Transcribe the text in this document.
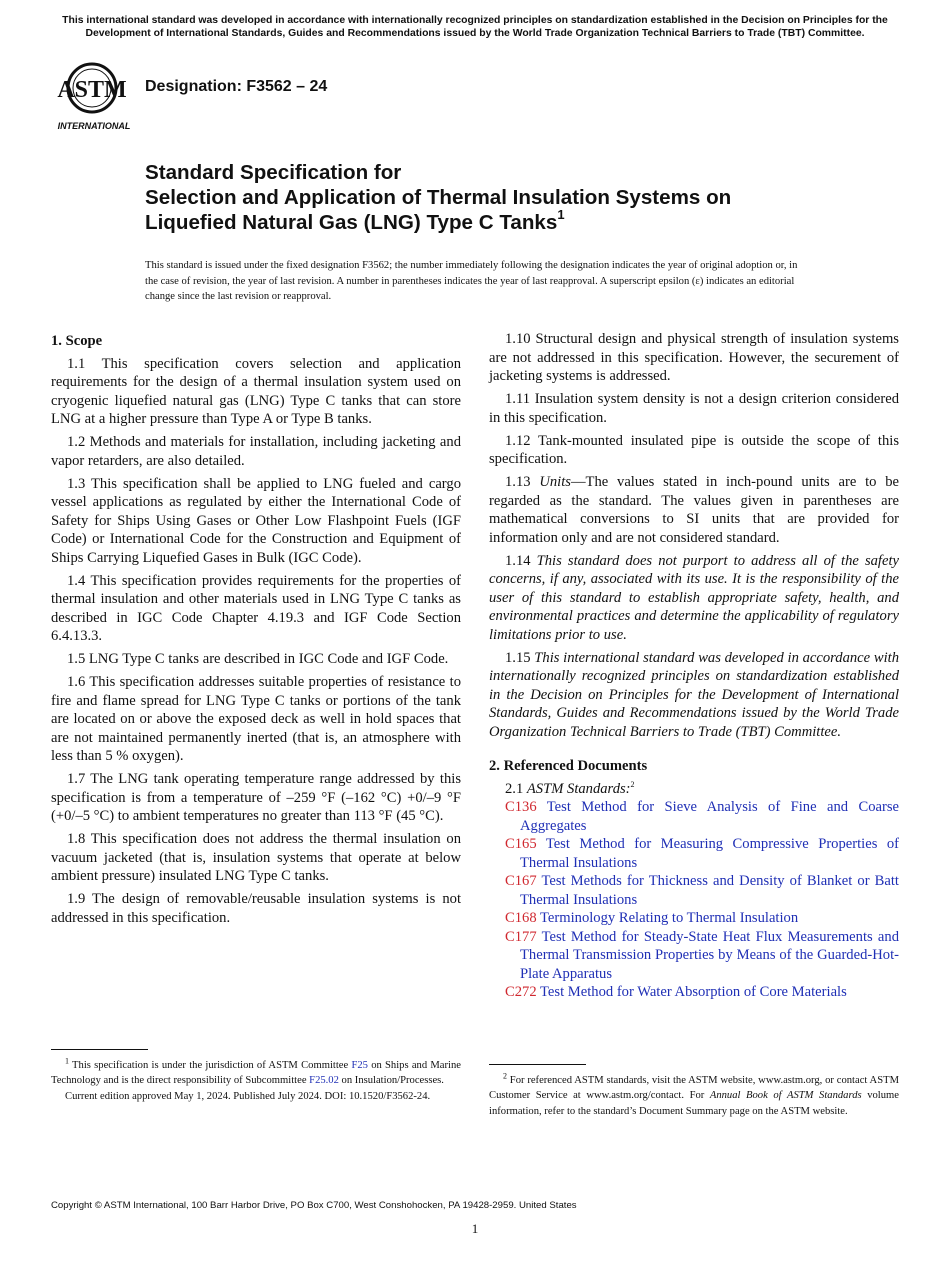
This international standard was developed in accordance with internationally recognized principles on standardization established in the Decision on Principles for the Development of International Standards, Guides and Recommendations issued by the World Trade Organization Technical Barriers to Trade (TBT) Committee.
ASTM
INTERNATIONAL
Designation: F3562 – 24
Standard Specification for
Selection and Application of Thermal Insulation Systems on
Liquefied Natural Gas (LNG) Type C Tanks$^1$

This standard is issued under the fixed designation F3562; the number immediately following the designation indicates the year of original adoption or, in the case of revision, the year of last revision. A number in parentheses indicates the year of last reapproval. A superscript epsilon (ε) indicates an editorial change since the last revision or reapproval.

1. Scope

1.1 This specification covers selection and application requirements for the design of a thermal insulation system used on cryogenic liquefied natural gas (LNG) Type C tanks that can store LNG at a higher pressure than Type A or Type B tanks.

1.2 Methods and materials for installation, including jacketing and vapor retarders, are also detailed.

1.3 This specification shall be applied to LNG fueled and cargo vessel applications as regulated by either the International Code of Safety for Ships Using Gases or Other Low Flashpoint Fuels (IGF Code) or International Code for the Construction and Equipment of Ships Carrying Liquefied Gases in Bulk (IGC Code).

1.4 This specification provides requirements for the properties of thermal insulation and other materials used in LNG Type C tanks as described in IGC Code Chapter 4.19.3 and IGF Code Section 6.4.13.3.

1.5 LNG Type C tanks are described in IGC Code and IGF Code.

1.6 This specification addresses suitable properties of resistance to fire and flame spread for LNG Type C tanks or portions of the tank are located on or above the exposed deck as well in hold spaces that are not maintained permanently inerted (that is, an atmosphere with less than 5 % oxygen).

1.7 The LNG tank operating temperature range addressed by this specification is from a temperature of –259 °F (–162 °C) +0/–9 °F (+0/–5 °C) to ambient temperatures no greater than 113 °F (45 °C).

1.8 This specification does not address the thermal insulation on vacuum jacketed (that is, insulation systems that operate at below ambient pressure) insulated LNG Type C tanks.

1.9 The design of removable/reusable insulation systems is not addressed in this specification.

1.10 Structural design and physical strength of insulation systems are not addressed in this specification. However, the securement of jacketing systems is addressed.

1.11 Insulation system density is not a design criterion considered in this specification.

1.12 Tank-mounted insulated pipe is outside the scope of this specification.

1.13 Units—The values stated in inch-pound units are to be regarded as the standard. The values given in parentheses are mathematical conversions to SI units that are provided for information only and are not considered standard.

1.14 This standard does not purport to address all of the safety concerns, if any, associated with its use. It is the responsibility of the user of this standard to establish appropriate safety, health, and environmental practices and determine the applicability of regulatory limitations prior to use.

1.15 This international standard was developed in accordance with internationally recognized principles on standardization established in the Decision on Principles for the Development of International Standards, Guides and Recommendations issued by the World Trade Organization Technical Barriers to Trade (TBT) Committee.

2. Referenced Documents

2.1 ASTM Standards:$^2$

C136 Test Method for Sieve Analysis of Fine and Coarse Aggregates
C165 Test Method for Measuring Compressive Properties of Thermal Insulations
C167 Test Methods for Thickness and Density of Blanket or Batt Thermal Insulations
C168 Terminology Relating to Thermal Insulation
C177 Test Method for Steady-State Heat Flux Measurements and Thermal Transmission Properties by Means of the Guarded-Hot-Plate Apparatus
C272 Test Method for Water Absorption of Core Materials

$^1$ This specification is under the jurisdiction of ASTM Committee F25 on Ships and Marine Technology and is the direct responsibility of Subcommittee F25.02 on Insulation/Processes.

Current edition approved May 1, 2024. Published July 2024. DOI: 10.1520/F3562-24.

$^2$ For referenced ASTM standards, visit the ASTM website, www.astm.org, or contact ASTM Customer Service at www.astm.org/contact. For Annual Book of ASTM Standards volume information, refer to the standard’s Document Summary page on the ASTM website.

Copyright © ASTM International, 100 Barr Harbor Drive, PO Box C700, West Conshohocken, PA 19428-2959. United States
1
